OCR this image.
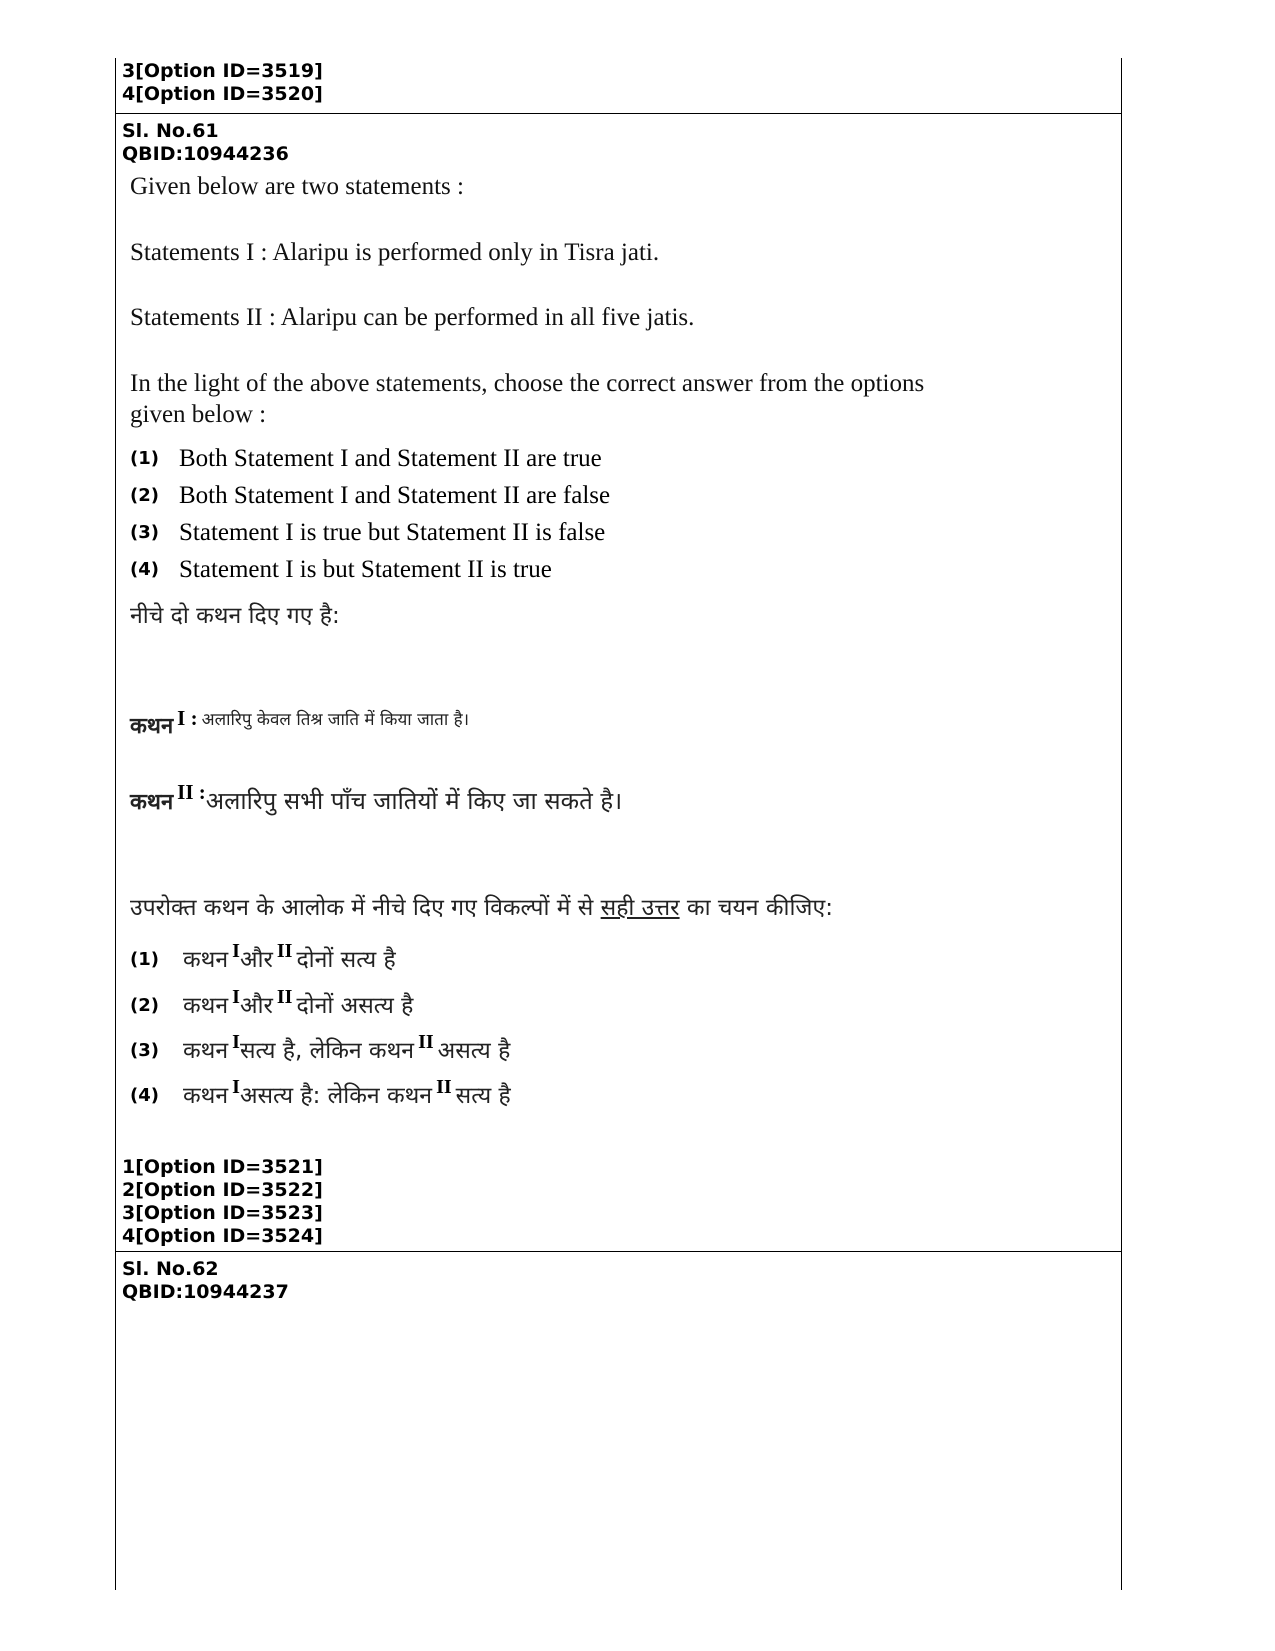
3[Option ID=3519]
4[Option ID=3520]
Sl. No.61
QBID:10944236
Given below are two statements :
Statements I : Alaripu is performed only in Tisra jati.
Statements II : Alaripu can be performed in all five jatis.
In the light of the above statements, choose the correct answer from the options
given below :
(1) Both Statement I and Statement II are true
(2) Both Statement I and Statement II are false
(3) Statement I is true but Statement II is false
(4) Statement I is but Statement II is true
नीचे दो कथन दिए गए है:
कथन I : अलारिपु केवल तिश्र जाति में किया जाता है।
कथन II :अलारिपु सभी पाँच जातियों में किए जा सकते है।
उपरोक्त कथन के आलोक में नीचे दिए गए विकल्पों में से सही उत्तर का चयन कीजिए:
(1) कथन $^I$और $^{II}$ दोनों सत्य है
(2) कथन $^I$और $^{II}$ दोनों असत्य है
(3) कथन $^I$सत्य है, लेकिन कथन $^{II}$ असत्य है
(4) कथन $^I$असत्य है: लेकिन कथन $^{II}$ सत्य है
1[Option ID=3521]
2[Option ID=3522]
3[Option ID=3523]
4[Option ID=3524]
Sl. No.62
QBID:10944237
